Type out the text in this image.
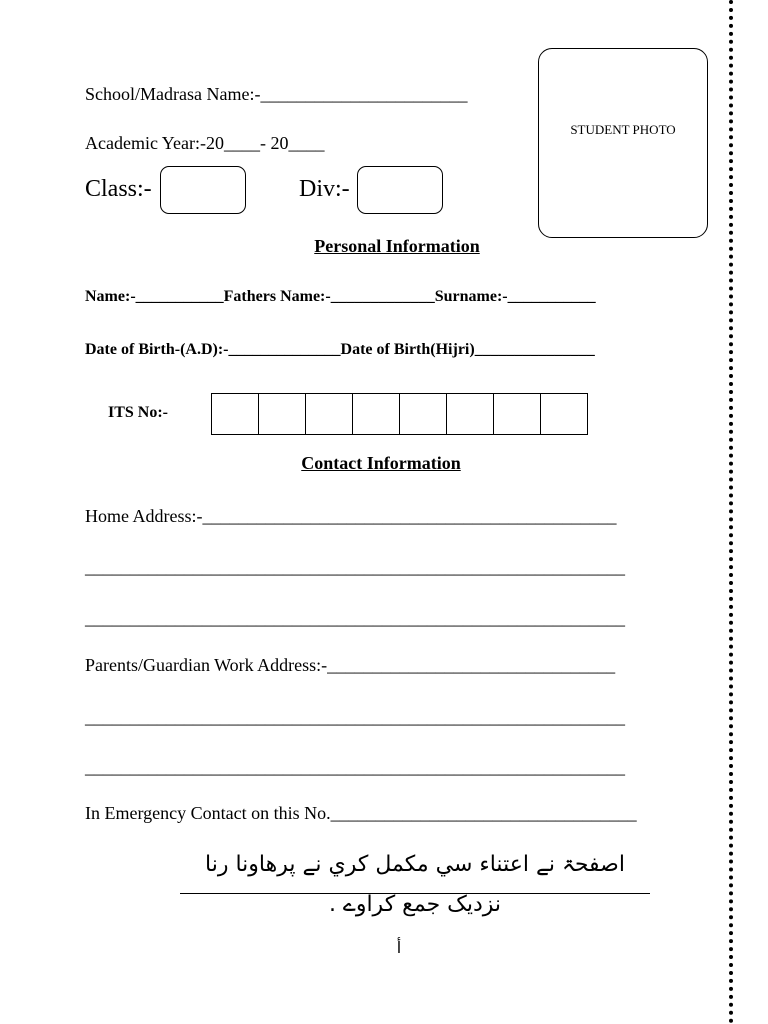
School/Madrasa Name:-_______________________
Academic Year:-20____- 20____
Class:-	Div:-
STUDENT PHOTO
Personal Information
Name:-___________Fathers Name:-_____________Surname:-___________
Date of Birth-(A.D):-______________Date of Birth(Hijri)_______________
ITS No:-
Contact Information
Home Address:-______________________________________________
____________________________________________________________
____________________________________________________________
Parents/Guardian Work Address:-________________________________
____________________________________________________________
____________________________________________________________
In Emergency Contact on this No.__________________________________
اصفحۃ نے اعتناء سي مکمل کري نے پرھاونا رنا نزديک جمع کراوے .
أ
